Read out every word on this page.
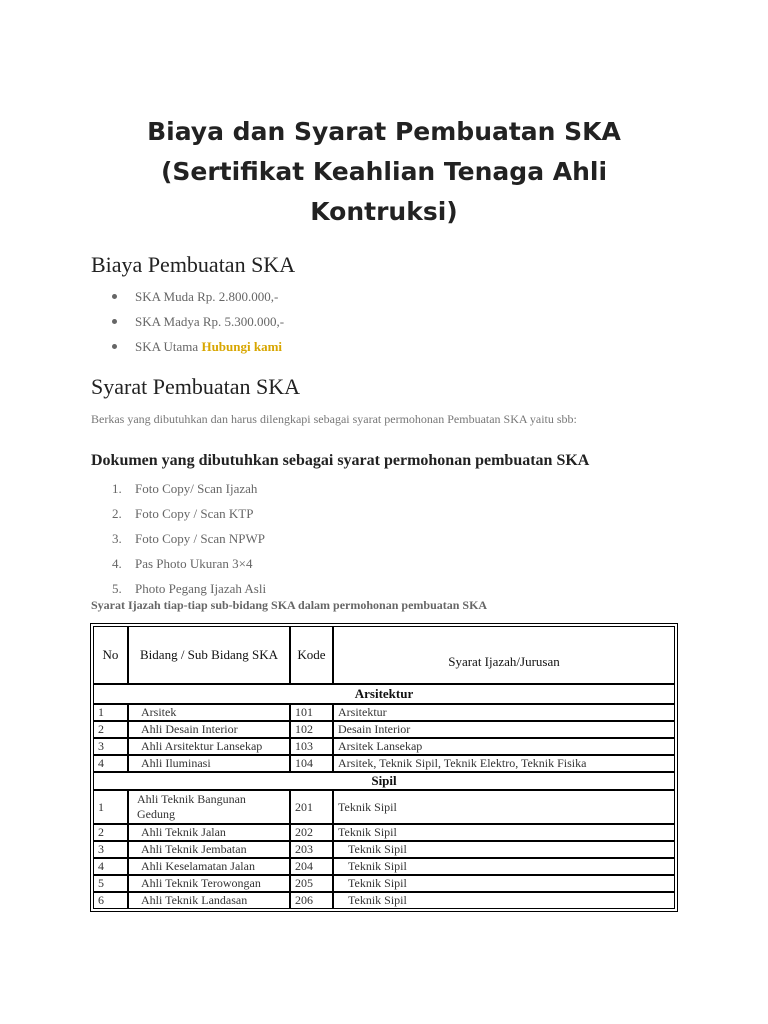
Biaya dan Syarat Pembuatan SKA
(Sertifikat Keahlian Tenaga Ahli
Kontruksi)
Biaya Pembuatan SKA
SKA Muda Rp. 2.800.000,-
SKA Madya Rp. 5.300.000,-
SKA Utama Hubungi kami
Syarat Pembuatan SKA

Berkas yang dibutuhkan dan harus dilengkapi sebagai syarat permohonan Pembuatan SKA yaitu sbb:

Dokumen yang dibutuhkan sebagai syarat permohonan pembuatan SKA
1. Foto Copy/ Scan Ijazah
2. Foto Copy / Scan KTP
3. Foto Copy / Scan NPWP
4. Pas Photo Ukuran 3×4
5. Photo Pegang Ijazah Asli

Syarat Ijazah tiap-tiap sub-bidang SKA dalam permohonan pembuatan SKA

No	Bidang / Sub Bidang SKA	Kode	Syarat Ijazah/Jurusan
Arsitektur			
1	Arsitek	101	Arsitektur
2	Ahli Desain Interior	102	Desain Interior
3	Ahli Arsitektur Lansekap	103	Arsitek Lansekap
4	Ahli Iluminasi	104	Arsitek, Teknik Sipil, Teknik Elektro, Teknik Fisika
Sipil			
1	Ahli Teknik Bangunan Gedung	201	Teknik Sipil
2	Ahli Teknik Jalan	202	Teknik Sipil
3	Ahli Teknik Jembatan	203	Teknik Sipil
4	Ahli Keselamatan Jalan	204	Teknik Sipil
5	Ahli Teknik Terowongan	205	Teknik Sipil
6	Ahli Teknik Landasan	206	Teknik Sipil
